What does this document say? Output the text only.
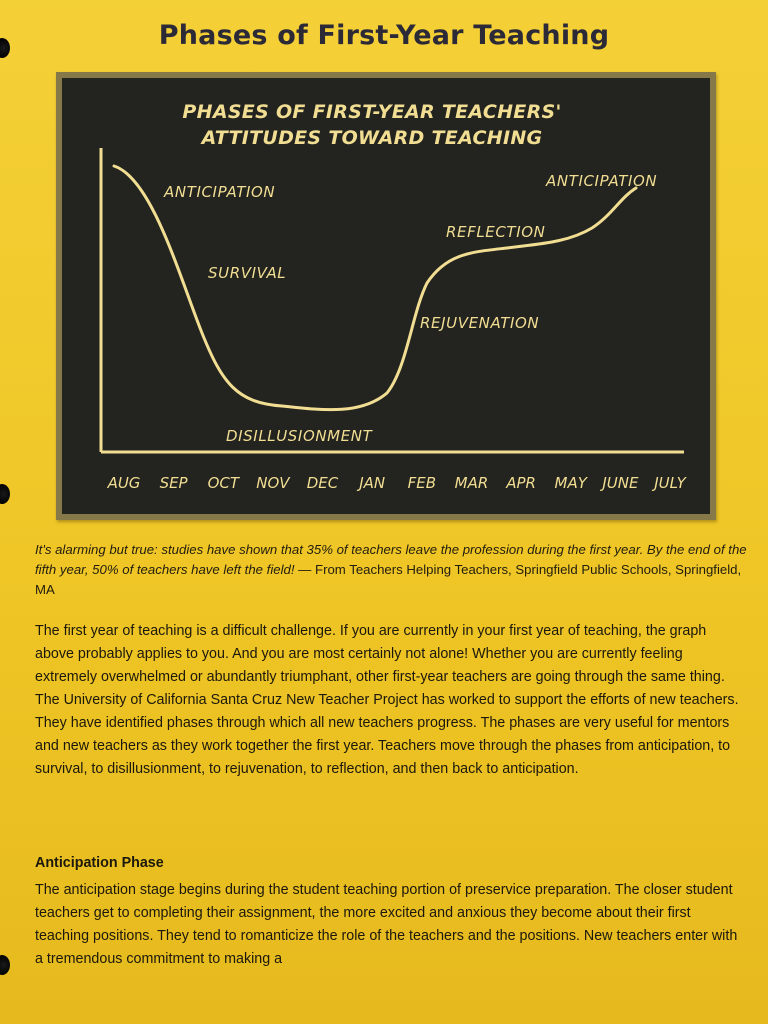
Phases of First-Year Teaching
PHASES OF FIRST-YEAR TEACHERS'
ATTITUDES TOWARD TEACHING
ANTICIPATION
SURVIVAL
DISILLUSIONMENT
REJUVENATION
REFLECTION
ANTICIPATION
AUG SEP OCT NOV DEC JAN FEB MAR APR MAY JUNE JULY
It's alarming but true: studies have shown that 35% of teachers leave the profession during the first year. By the end of the fifth year, 50% of teachers have left the field! — From Teachers Helping Teachers, Springfield Public Schools, Springfield, MA

The first year of teaching is a difficult challenge. If you are currently in your first year of teaching, the graph above probably applies to you. And you are most certainly not alone! Whether you are currently feeling extremely overwhelmed or abundantly triumphant, other first-year teachers are going through the same thing. The University of California Santa Cruz New Teacher Project has worked to support the efforts of new teachers. They have identified phases through which all new teachers progress. The phases are very useful for mentors and new teachers as they work together the first year. Teachers move through the phases from anticipation, to survival, to disillusionment, to rejuvenation, to reflection, and then back to anticipation.

Anticipation Phase

The anticipation stage begins during the student teaching portion of preservice preparation. The closer student teachers get to completing their assignment, the more excited and anxious they become about their first teaching positions. They tend to romanticize the role of the teachers and the positions. New teachers enter with a tremendous commitment to making a
